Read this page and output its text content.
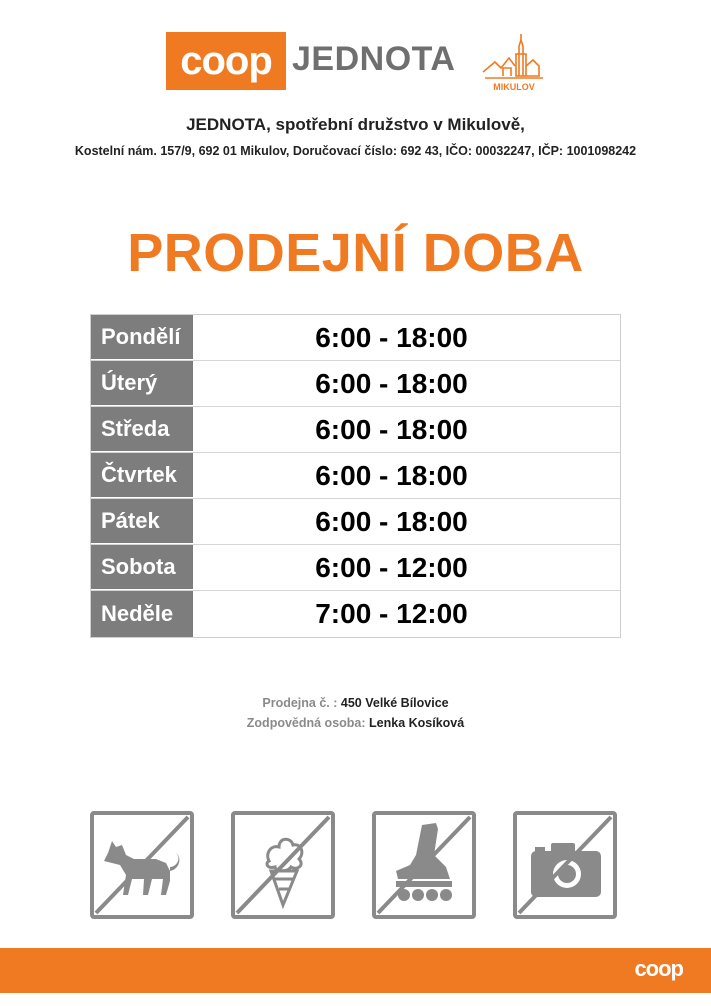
coop JEDNOTA
MIKULOV
JEDNOTA, spotřební družstvo v Mikulově,
Kostelní nám. 157/9, 692 01 Mikulov, Doručovací číslo: 692 43, IČO: 00032247, IČP: 1001098242
PRODEJNÍ DOBA
Pondělí	6:00 - 18:00
Úterý	6:00 - 18:00
Středa	6:00 - 18:00
Čtvrtek	6:00 - 18:00
Pátek	6:00 - 18:00
Sobota	6:00 - 12:00
Neděle	7:00 - 12:00
Prodejna č. : 450 Velké Bílovice
Zodpovědná osoba: Lenka Kosíková
coop
